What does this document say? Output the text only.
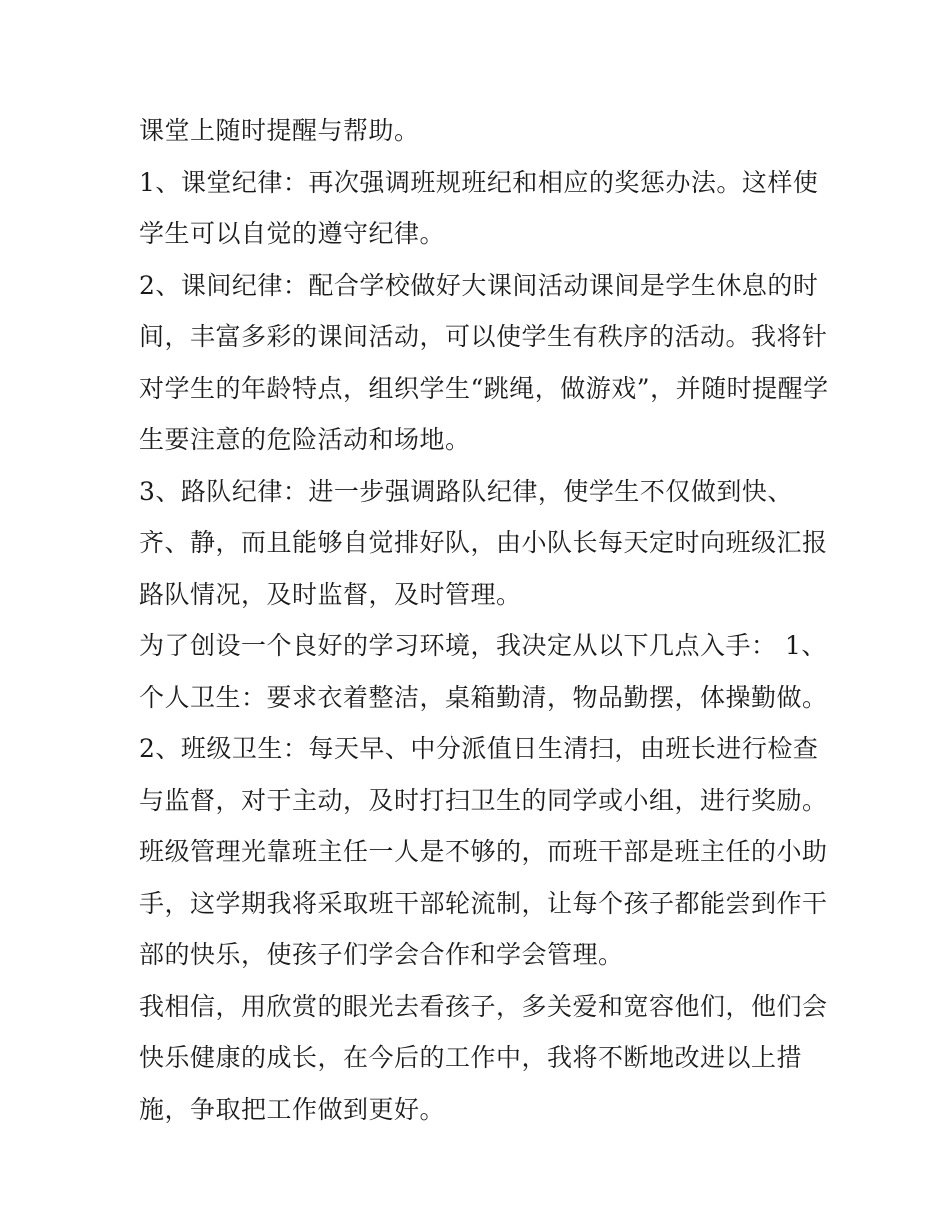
课堂上随时提醒与帮助。
1、课堂纪律：再次强调班规班纪和相应的奖惩办法。这样使
学生可以自觉的遵守纪律。
2、课间纪律：配合学校做好大课间活动课间是学生休息的时
间，丰富多彩的课间活动，可以使学生有秩序的活动。我将针
对学生的年龄特点，组织学生“跳绳，做游戏”，并随时提醒学
生要注意的危险活动和场地。
3、路队纪律：进一步强调路队纪律，使学生不仅做到快、
齐、静，而且能够自觉排好队，由小队长每天定时向班级汇报
路队情况，及时监督，及时管理。
为了创设一个良好的学习环境，我决定从以下几点入手： 1、
个人卫生：要求衣着整洁，桌箱勤清，物品勤摆，体操勤做。
2、班级卫生：每天早、中分派值日生清扫，由班长进行检查
与监督，对于主动，及时打扫卫生的同学或小组，进行奖励。
班级管理光靠班主任一人是不够的，而班干部是班主任的小助
手，这学期我将采取班干部轮流制，让每个孩子都能尝到作干
部的快乐，使孩子们学会合作和学会管理。
我相信，用欣赏的眼光去看孩子，多关爱和宽容他们，他们会
快乐健康的成长，在今后的工作中，我将不断地改进以上措
施，争取把工作做到更好。
